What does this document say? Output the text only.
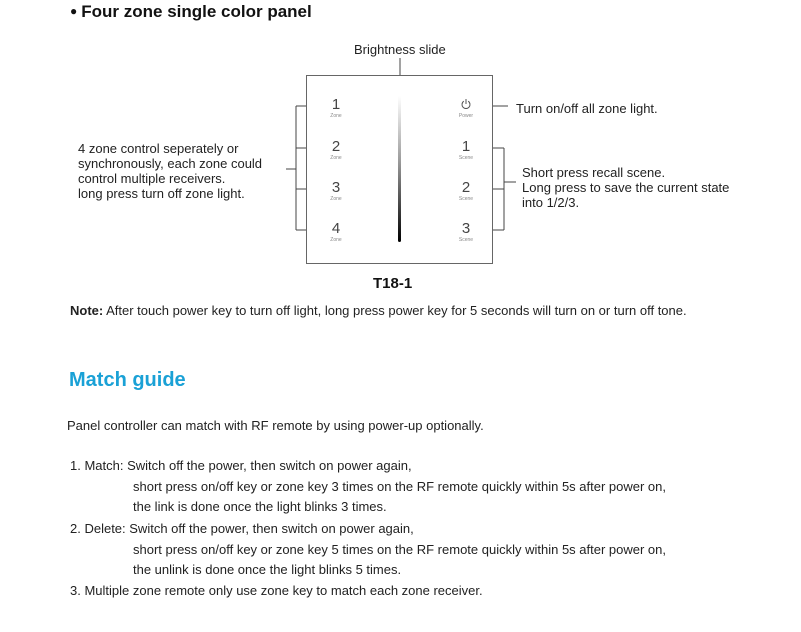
● Four zone single color panel
Brightness slide
4 zone control seperately or
synchronously, each zone could
control multiple receivers.
long press turn off zone light.
Turn on/off all zone light.
Short press recall scene.
Long press to save the current state
into 1/2/3.
1
Zone
2
Zone
3
Zone
4
Zone
Power
1
Scene
2
Scene
3
Scene
T18-1
Note: After touch power key to turn off light, long press power key for 5 seconds will turn on or turn off tone.
Match guide
Panel controller can match with RF remote by using power-up optionally.
1. Match: Switch off the power, then switch on power again,
short press on/off key or zone key 3 times on the RF remote quickly within 5s after power on,
the link is done once the light blinks 3 times.
2. Delete: Switch off the power, then switch on power again,
short press on/off key or zone key 5 times on the RF remote quickly within 5s after power on,
the unlink is done once the light blinks 5 times.
3. Multiple zone remote only use zone key to match each zone receiver.
